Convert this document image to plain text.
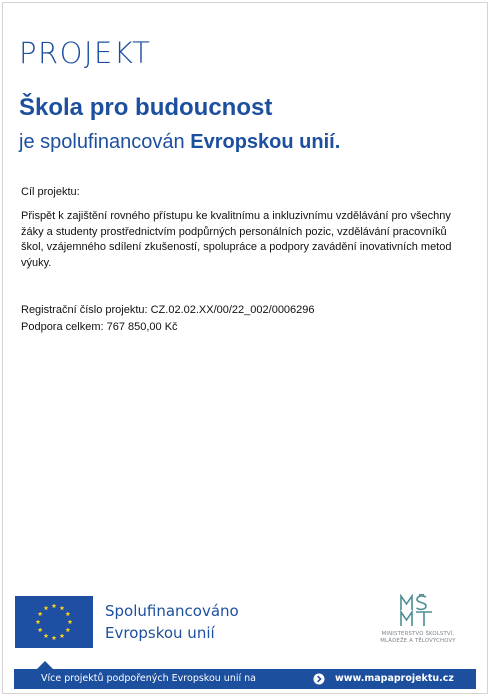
PROJEKT
Škola pro budoucnost

je spolufinancován Evropskou unií.

Cíl projektu:

Přispět k zajištění rovného přístupu ke kvalitnímu a inkluzivnímu vzdělávání pro všechny žáky a studenty prostřednictvím podpůrných personálních pozic, vzdělávání pracovníků škol, vzájemného sdílení zkušeností, spolupráce a podpory zavádění inovativních metod výuky.

Registrační číslo projektu: CZ.02.02.XX/00/22_002/0006296

Podpora celkem: 767 850,00 Kč

Spolufinancováno
Evropskou unií	MINISTERSTVO ŠKOLSTVÍ,
MLÁDEŽE A TĚLOVÝCHOVY
Více projektů podpořených Evropskou unií na	www.mapaprojektu.cz
